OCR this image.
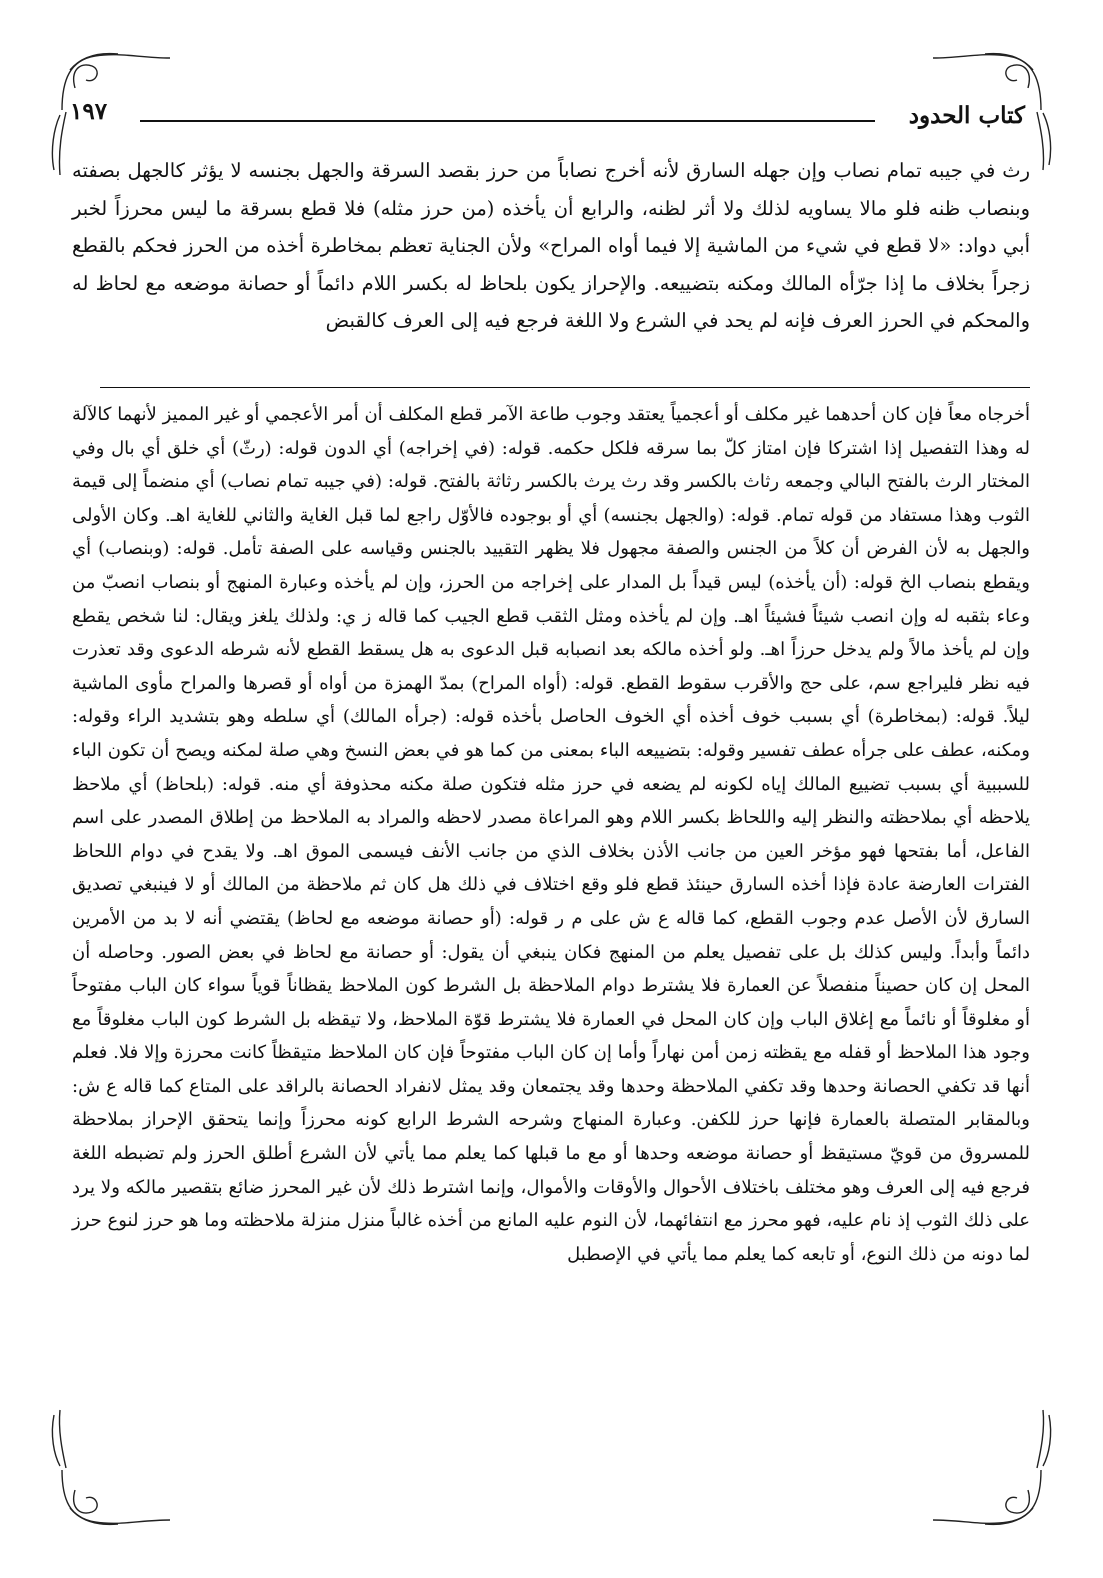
كتاب الحدود
١٩٧

رث في جيبه تمام نصاب وإن جهله السارق لأنه أخرج نصاباً من حرز بقصد السرقة والجهل بجنسه لا يؤثر كالجهل بصفته وبنصاب ظنه فلو مالا يساويه لذلك ولا أثر لظنه، والرابع أن يأخذه (من حرز مثله) فلا قطع بسرقة ما ليس محرزاً لخبر أبي دواد: «لا قطع في شيء من الماشية إلا فيما أواه المراح» ولأن الجناية تعظم بمخاطرة أخذه من الحرز فحكم بالقطع زجراً بخلاف ما إذا جرّأه المالك ومكنه بتضييعه. والإحراز يكون بلحاظ له بكسر اللام دائماً أو حصانة موضعه مع لحاظ له والمحكم في الحرز العرف فإنه لم يحد في الشرع ولا اللغة فرجع فيه إلى العرف كالقبض

أخرجاه معاً فإن كان أحدهما غير مكلف أو أعجمياً يعتقد وجوب طاعة الآمر قطع المكلف أن أمر الأعجمي أو غير المميز لأنهما كالآلة له وهذا التفصيل إذا اشتركا فإن امتاز كلّ بما سرقه فلكل حكمه. قوله: (في إخراجه) أي الدون قوله: (رثّ) أي خلق أي بال وفي المختار الرث بالفتح البالي وجمعه رثاث بالكسر وقد رث يرث بالكسر رثاثة بالفتح. قوله: (في جيبه تمام نصاب) أي منضماً إلى قيمة الثوب وهذا مستفاد من قوله تمام. قوله: (والجهل بجنسه) أي أو بوجوده فالأوّل راجع لما قبل الغاية والثاني للغاية اهـ. وكان الأولى والجهل به لأن الفرض أن كلاً من الجنس والصفة مجهول فلا يظهر التقييد بالجنس وقياسه على الصفة تأمل. قوله: (وبنصاب) أي ويقطع بنصاب الخ قوله: (أن يأخذه) ليس قيداً بل المدار على إخراجه من الحرز، وإن لم يأخذه وعبارة المنهج أو بنصاب انصبّ من وعاء بثقبه له وإن انصب شيئاً فشيئاً اهـ. وإن لم يأخذه ومثل الثقب قطع الجيب كما قاله ز ي: ولذلك يلغز ويقال: لنا شخص يقطع وإن لم يأخذ مالاً ولم يدخل حرزاً اهـ. ولو أخذه مالكه بعد انصبابه قبل الدعوى به هل يسقط القطع لأنه شرطه الدعوى وقد تعذرت فيه نظر فليراجع سم، على حج والأقرب سقوط القطع. قوله: (أواه المراح) بمدّ الهمزة من أواه أو قصرها والمراح مأوى الماشية ليلاً. قوله: (بمخاطرة) أي بسبب خوف أخذه أي الخوف الحاصل بأخذه قوله: (جرأه المالك) أي سلطه وهو بتشديد الراء وقوله: ومكنه، عطف على جرأه عطف تفسير وقوله: بتضييعه الباء بمعنى من كما هو في بعض النسخ وهي صلة لمكنه ويصح أن تكون الباء للسببية أي بسبب تضييع المالك إياه لكونه لم يضعه في حرز مثله فتكون صلة مكنه محذوفة أي منه. قوله: (بلحاظ) أي ملاحظ يلاحظه أي بملاحظته والنظر إليه واللحاظ بكسر اللام وهو المراعاة مصدر لاحظه والمراد به الملاحظ من إطلاق المصدر على اسم الفاعل، أما بفتحها فهو مؤخر العين من جانب الأذن بخلاف الذي من جانب الأنف فيسمى الموق اهـ. ولا يقدح في دوام اللحاظ الفترات العارضة عادة فإذا أخذه السارق حينئذ قطع فلو وقع اختلاف في ذلك هل كان ثم ملاحظة من المالك أو لا فينبغي تصديق السارق لأن الأصل عدم وجوب القطع، كما قاله ع ش على م ر قوله: (أو حصانة موضعه مع لحاظ) يقتضي أنه لا بد من الأمرين دائماً وأبداً. وليس كذلك بل على تفصيل يعلم من المنهج فكان ينبغي أن يقول: أو حصانة مع لحاظ في بعض الصور. وحاصله أن المحل إن كان حصيناً منفصلاً عن العمارة فلا يشترط دوام الملاحظة بل الشرط كون الملاحظ يقظاناً قوياً سواء كان الباب مفتوحاً أو مغلوقاً أو نائماً مع إغلاق الباب وإن كان المحل في العمارة فلا يشترط قوّة الملاحظ، ولا تيقظه بل الشرط كون الباب مغلوقاً مع وجود هذا الملاحظ أو قفله مع يقظته زمن أمن نهاراً وأما إن كان الباب مفتوحاً فإن كان الملاحظ متيقظاً كانت محرزة وإلا فلا. فعلم أنها قد تكفي الحصانة وحدها وقد تكفي الملاحظة وحدها وقد يجتمعان وقد يمثل لانفراد الحصانة بالراقد على المتاع كما قاله ع ش: وبالمقابر المتصلة بالعمارة فإنها حرز للكفن. وعبارة المنهاج وشرحه الشرط الرابع كونه محرزاً وإنما يتحقق الإحراز بملاحظة للمسروق من قويّ مستيقظ أو حصانة موضعه وحدها أو مع ما قبلها كما يعلم مما يأتي لأن الشرع أطلق الحرز ولم تضبطه اللغة فرجع فيه إلى العرف وهو مختلف باختلاف الأحوال والأوقات والأموال، وإنما اشترط ذلك لأن غير المحرز ضائع بتقصير مالكه ولا يرد على ذلك الثوب إذ نام عليه، فهو محرز مع انتفائهما، لأن النوم عليه المانع من أخذه غالباً منزل منزلة ملاحظته وما هو حرز لنوع حرز لما دونه من ذلك النوع، أو تابعه كما يعلم مما يأتي في الإصطبل
